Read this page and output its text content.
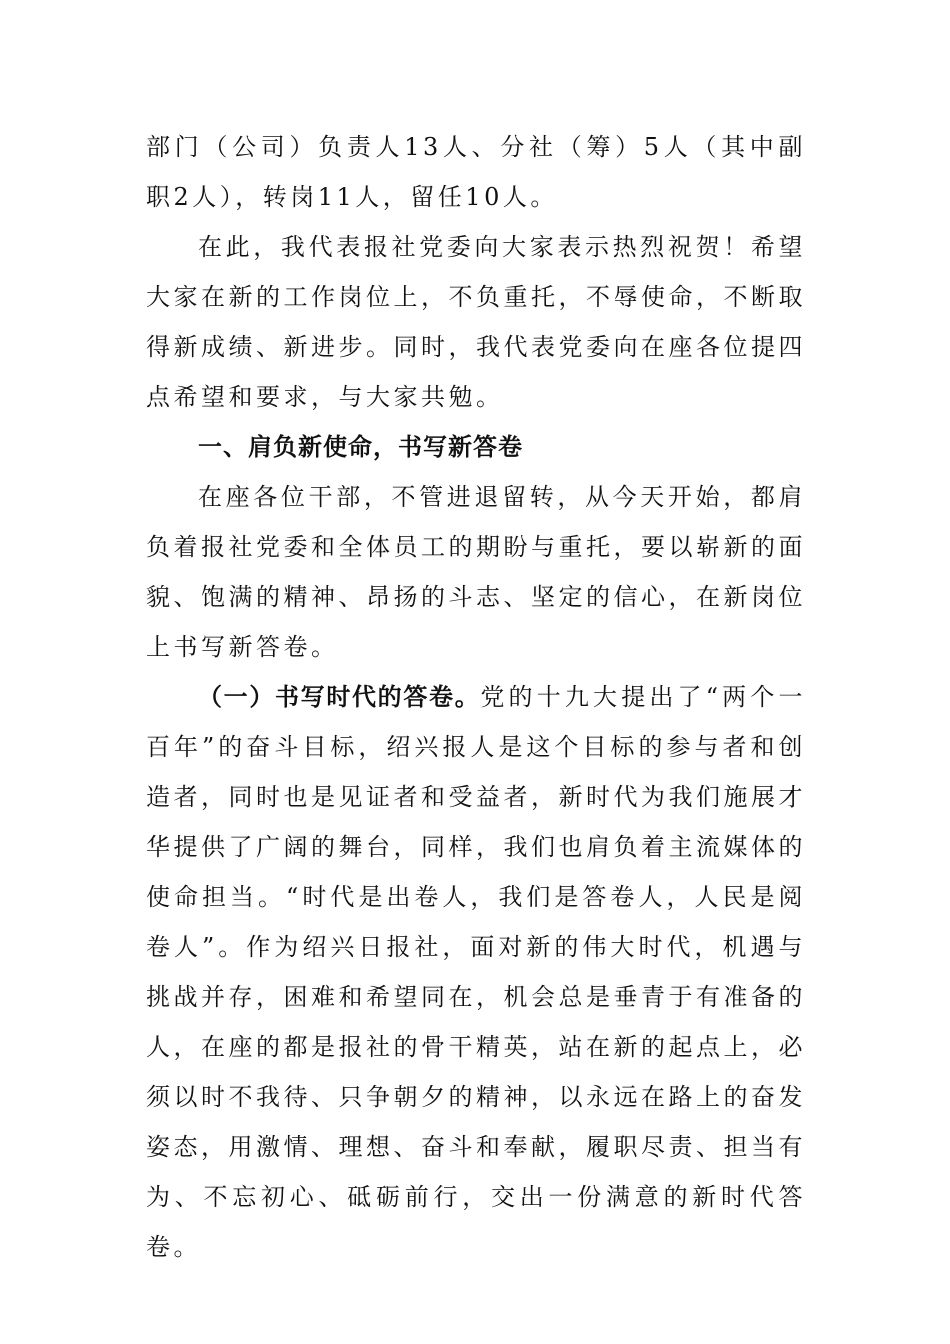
部门（公司）负责人13人、分社（筹）5人（其中副职2人），转岗11人，留任10人。

在此，我代表报社党委向大家表示热烈祝贺！希望大家在新的工作岗位上，不负重托，不辱使命，不断取得新成绩、新进步。同时，我代表党委向在座各位提四点希望和要求，与大家共勉。

一、肩负新使命，书写新答卷

在座各位干部，不管进退留转，从今天开始，都肩负着报社党委和全体员工的期盼与重托，要以崭新的面貌、饱满的精神、昂扬的斗志、坚定的信心，在新岗位上书写新答卷。

（一）书写时代的答卷。党的十九大提出了“两个一百年”的奋斗目标，绍兴报人是这个目标的参与者和创造者，同时也是见证者和受益者，新时代为我们施展才华提供了广阔的舞台，同样，我们也肩负着主流媒体的使命担当。“时代是出卷人，我们是答卷人，人民是阅卷人”。作为绍兴日报社，面对新的伟大时代，机遇与挑战并存，困难和希望同在，机会总是垂青于有准备的人，在座的都是报社的骨干精英，站在新的起点上，必须以时不我待、只争朝夕的精神，以永远在路上的奋发姿态，用激情、理想、奋斗和奉献，履职尽责、担当有为、不忘初心、砥砺前行，交出一份满意的新时代答卷。
